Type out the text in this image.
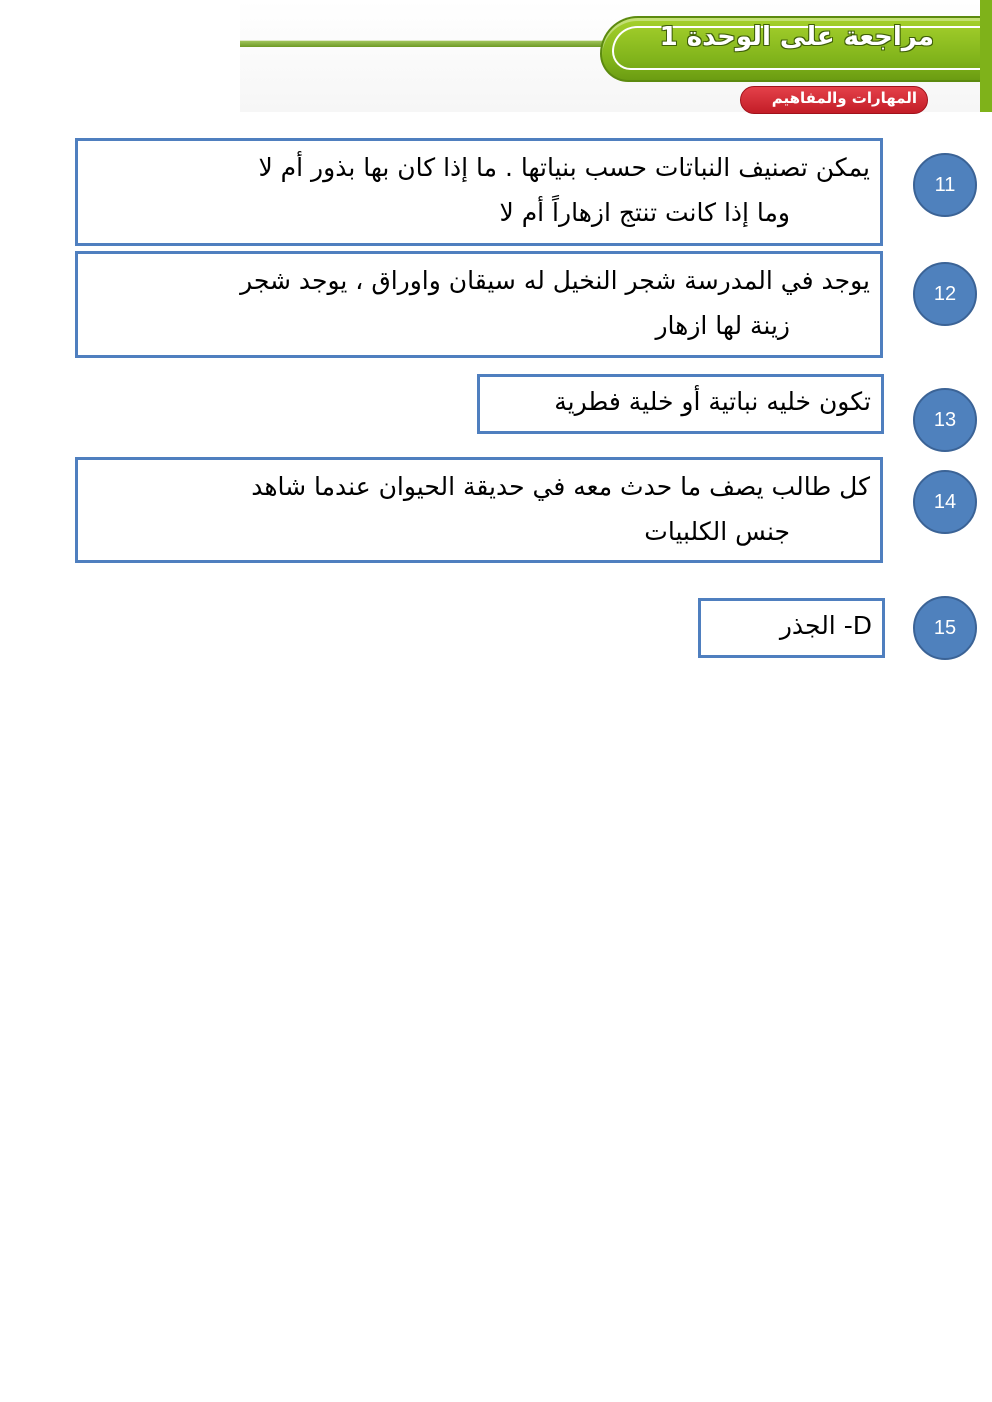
مراجعة على الوحدة 1
المهارات والمفاهيم
يمكن تصنيف النباتات حسب بنياتها . ما إذا كان بها بذور أم لا
وما إذا كانت تنتج ازهاراً أم لا
11
يوجد في المدرسة شجر النخيل له سيقان واوراق ، يوجد شجر
زينة لها ازهار
12
تكون خليه نباتية أو خلية فطرية
13
كل طالب يصف ما حدث معه في حديقة الحيوان عندما شاهد
جنس الكلبيات
14
D- الجذر	15
